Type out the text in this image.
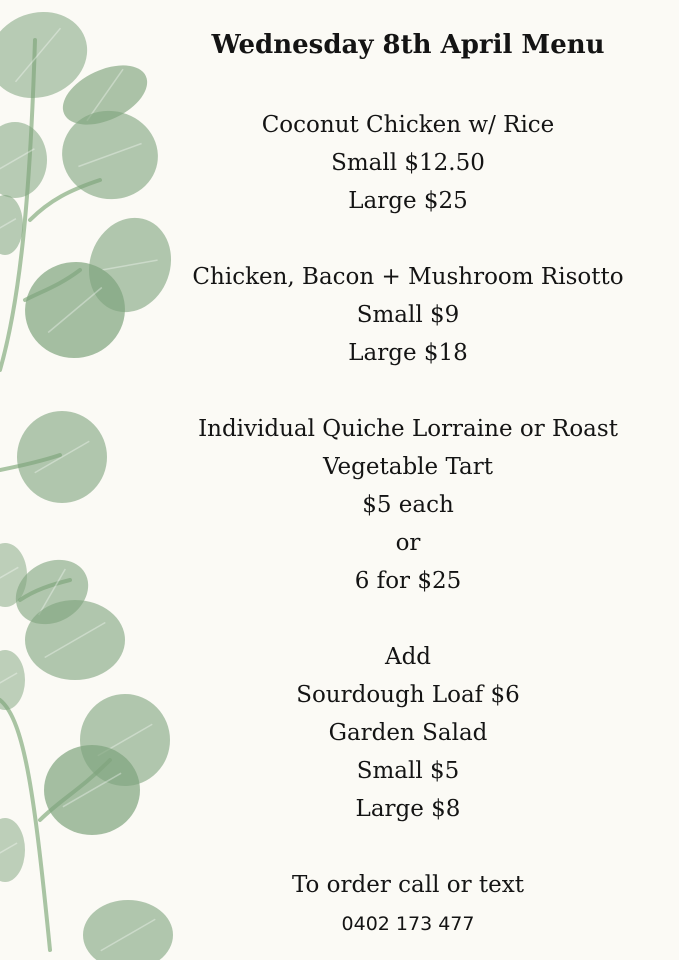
Wednesday 8th April Menu
Coconut Chicken w/ Rice
Small $12.50
Large $25
Chicken, Bacon + Mushroom Risotto
Small $9
Large $18
Individual Quiche Lorraine or Roast
Vegetable Tart
$5 each
or
6 for $25
Add
Sourdough Loaf $6
Garden Salad
Small $5
Large $8
To order call or text
0402 173 477
